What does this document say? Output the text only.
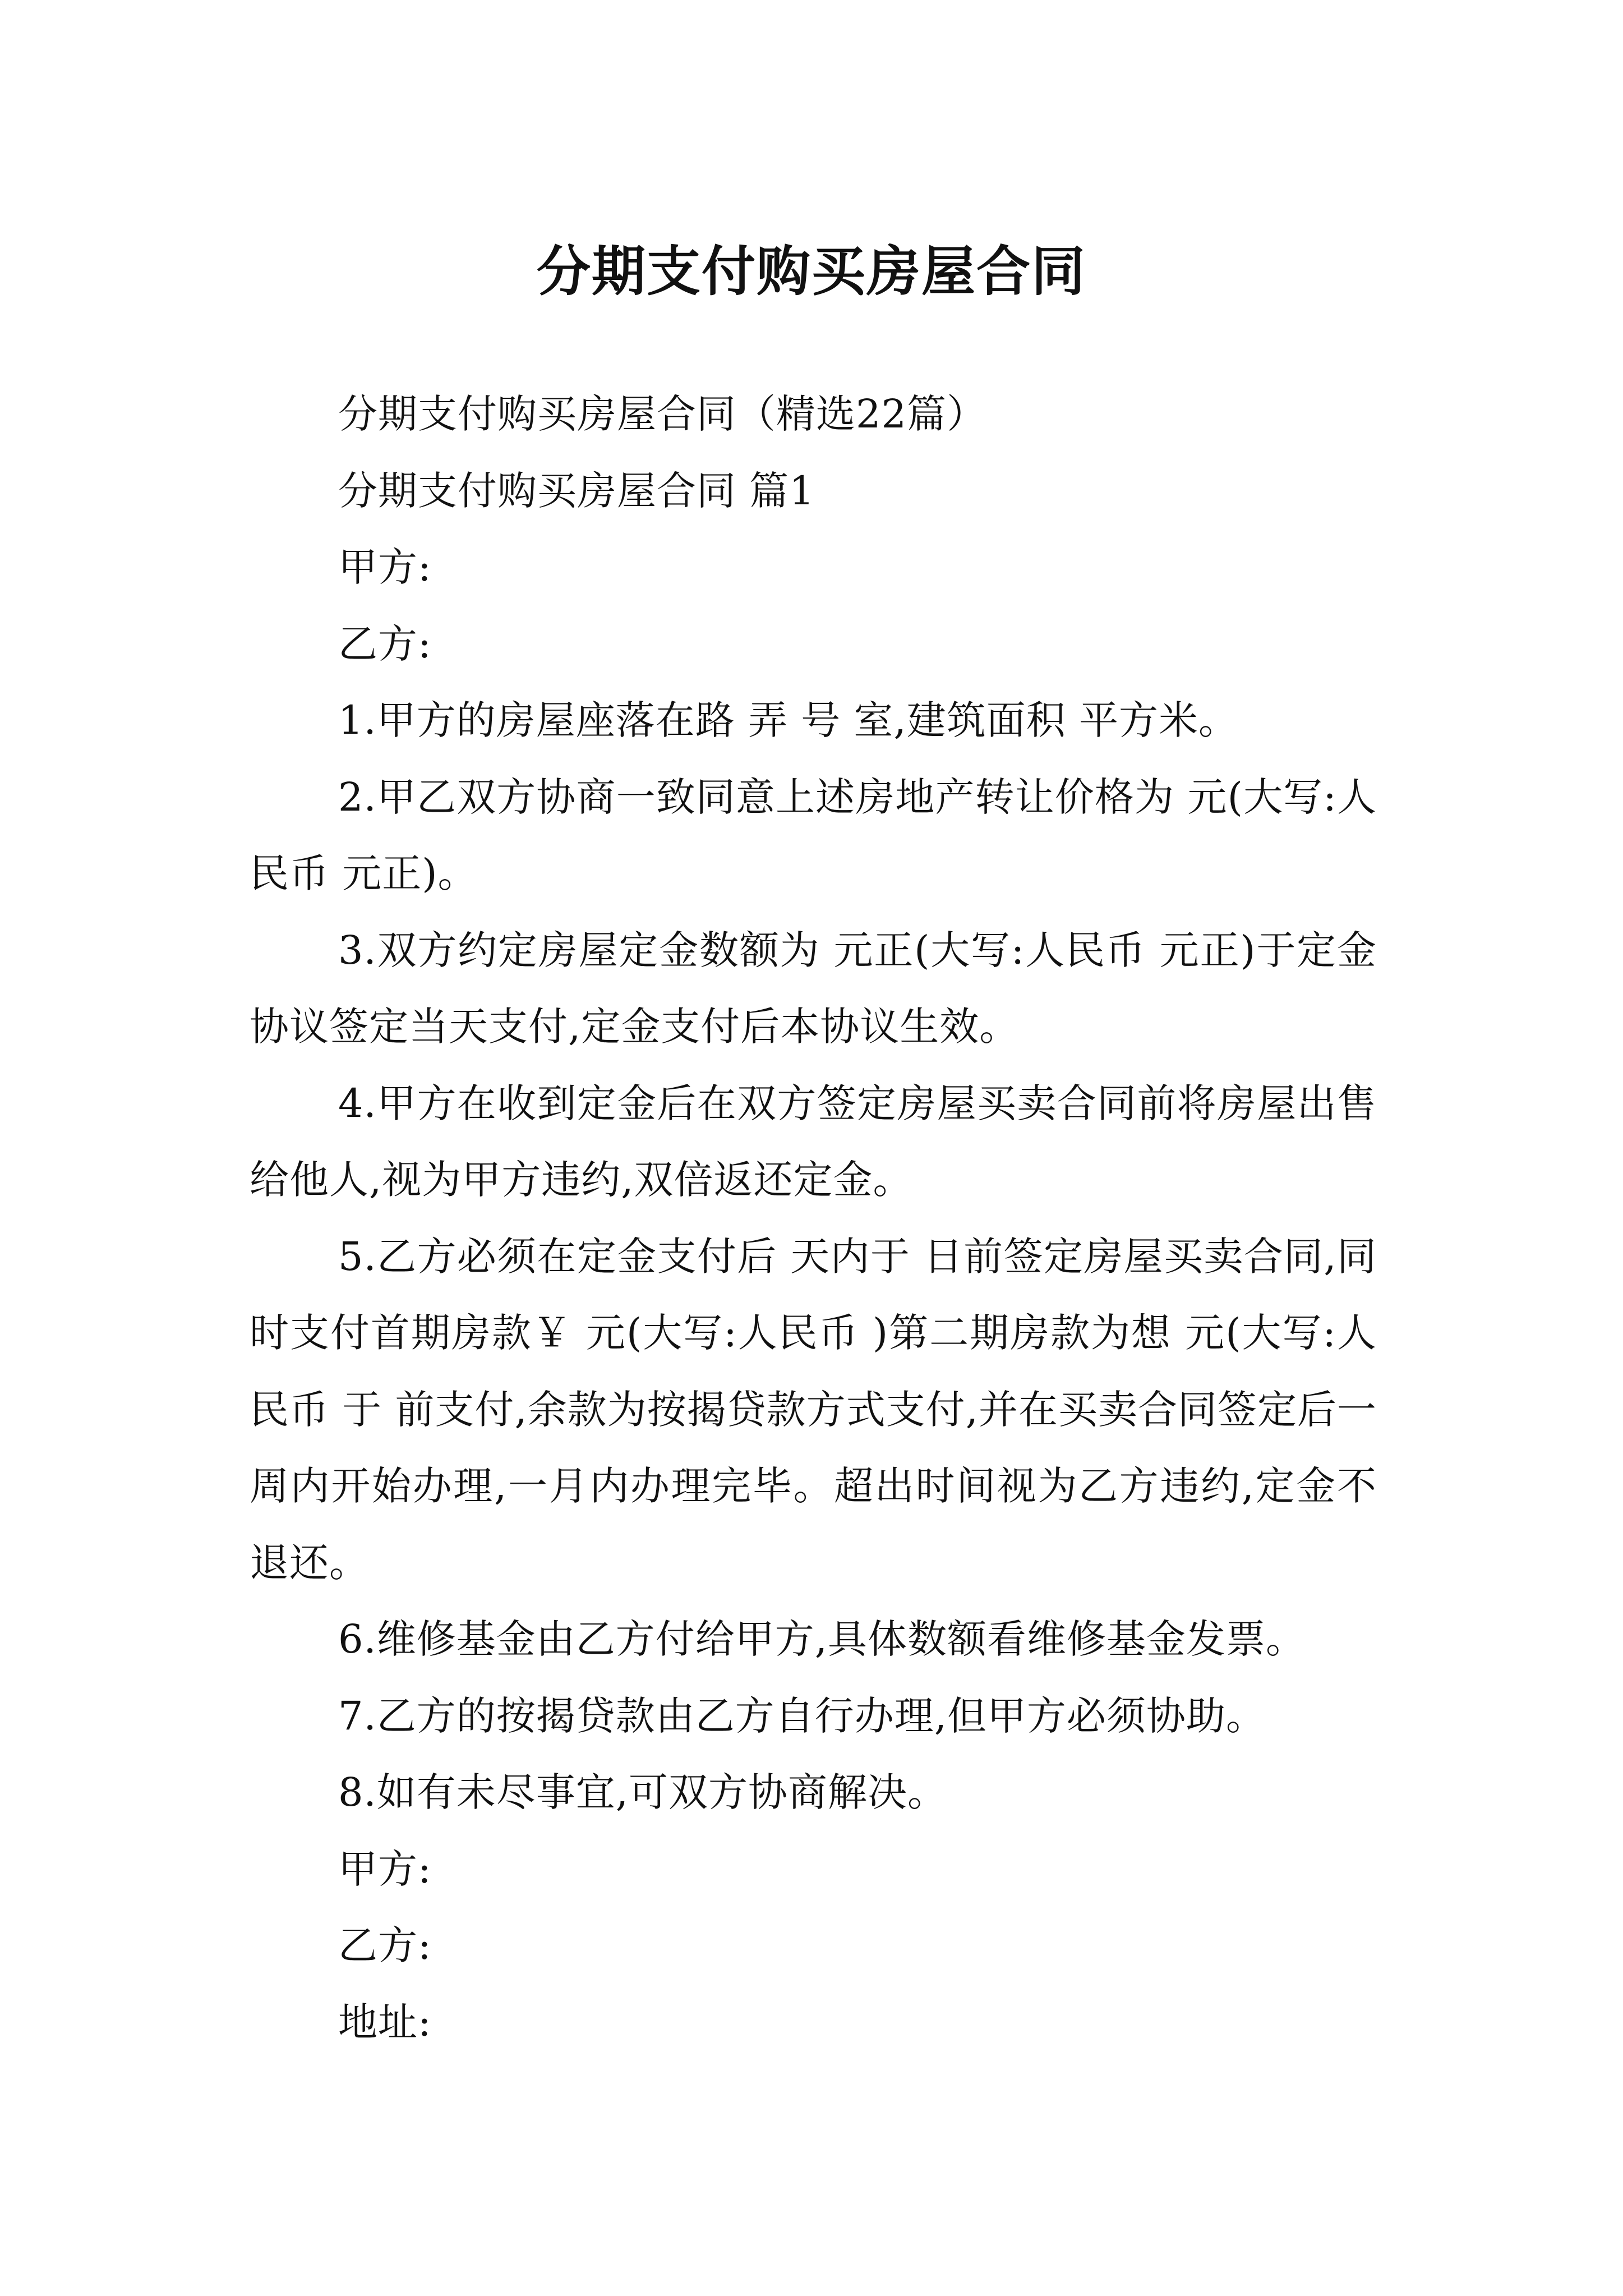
分期支付购买房屋合同

分期支付购买房屋合同（精选22篇）

分期支付购买房屋合同 篇1

甲方:

乙方:

1.甲方的房屋座落在路 弄 号 室,建筑面积 平方米。

2.甲乙双方协商一致同意上述房地产转让价格为 元(大写:人民币 元正)。

3.双方约定房屋定金数额为 元正(大写:人民币 元正)于定金协议签定当天支付,定金支付后本协议生效。

4.甲方在收到定金后在双方签定房屋买卖合同前将房屋出售给他人,视为甲方违约,双倍返还定金。

5.乙方必须在定金支付后 天内于 日前签定房屋买卖合同,同时支付首期房款￥ 元(大写:人民币 )第二期房款为想 元(大写:人民币 于 前支付,余款为按揭贷款方式支付,并在买卖合同签定后一周内开始办理,一月内办理完毕。超出时间视为乙方违约,定金不退还。

6.维修基金由乙方付给甲方,具体数额看维修基金发票。

7.乙方的按揭贷款由乙方自行办理,但甲方必须协助。

8.如有未尽事宜,可双方协商解决。

甲方:

乙方:

地址:
